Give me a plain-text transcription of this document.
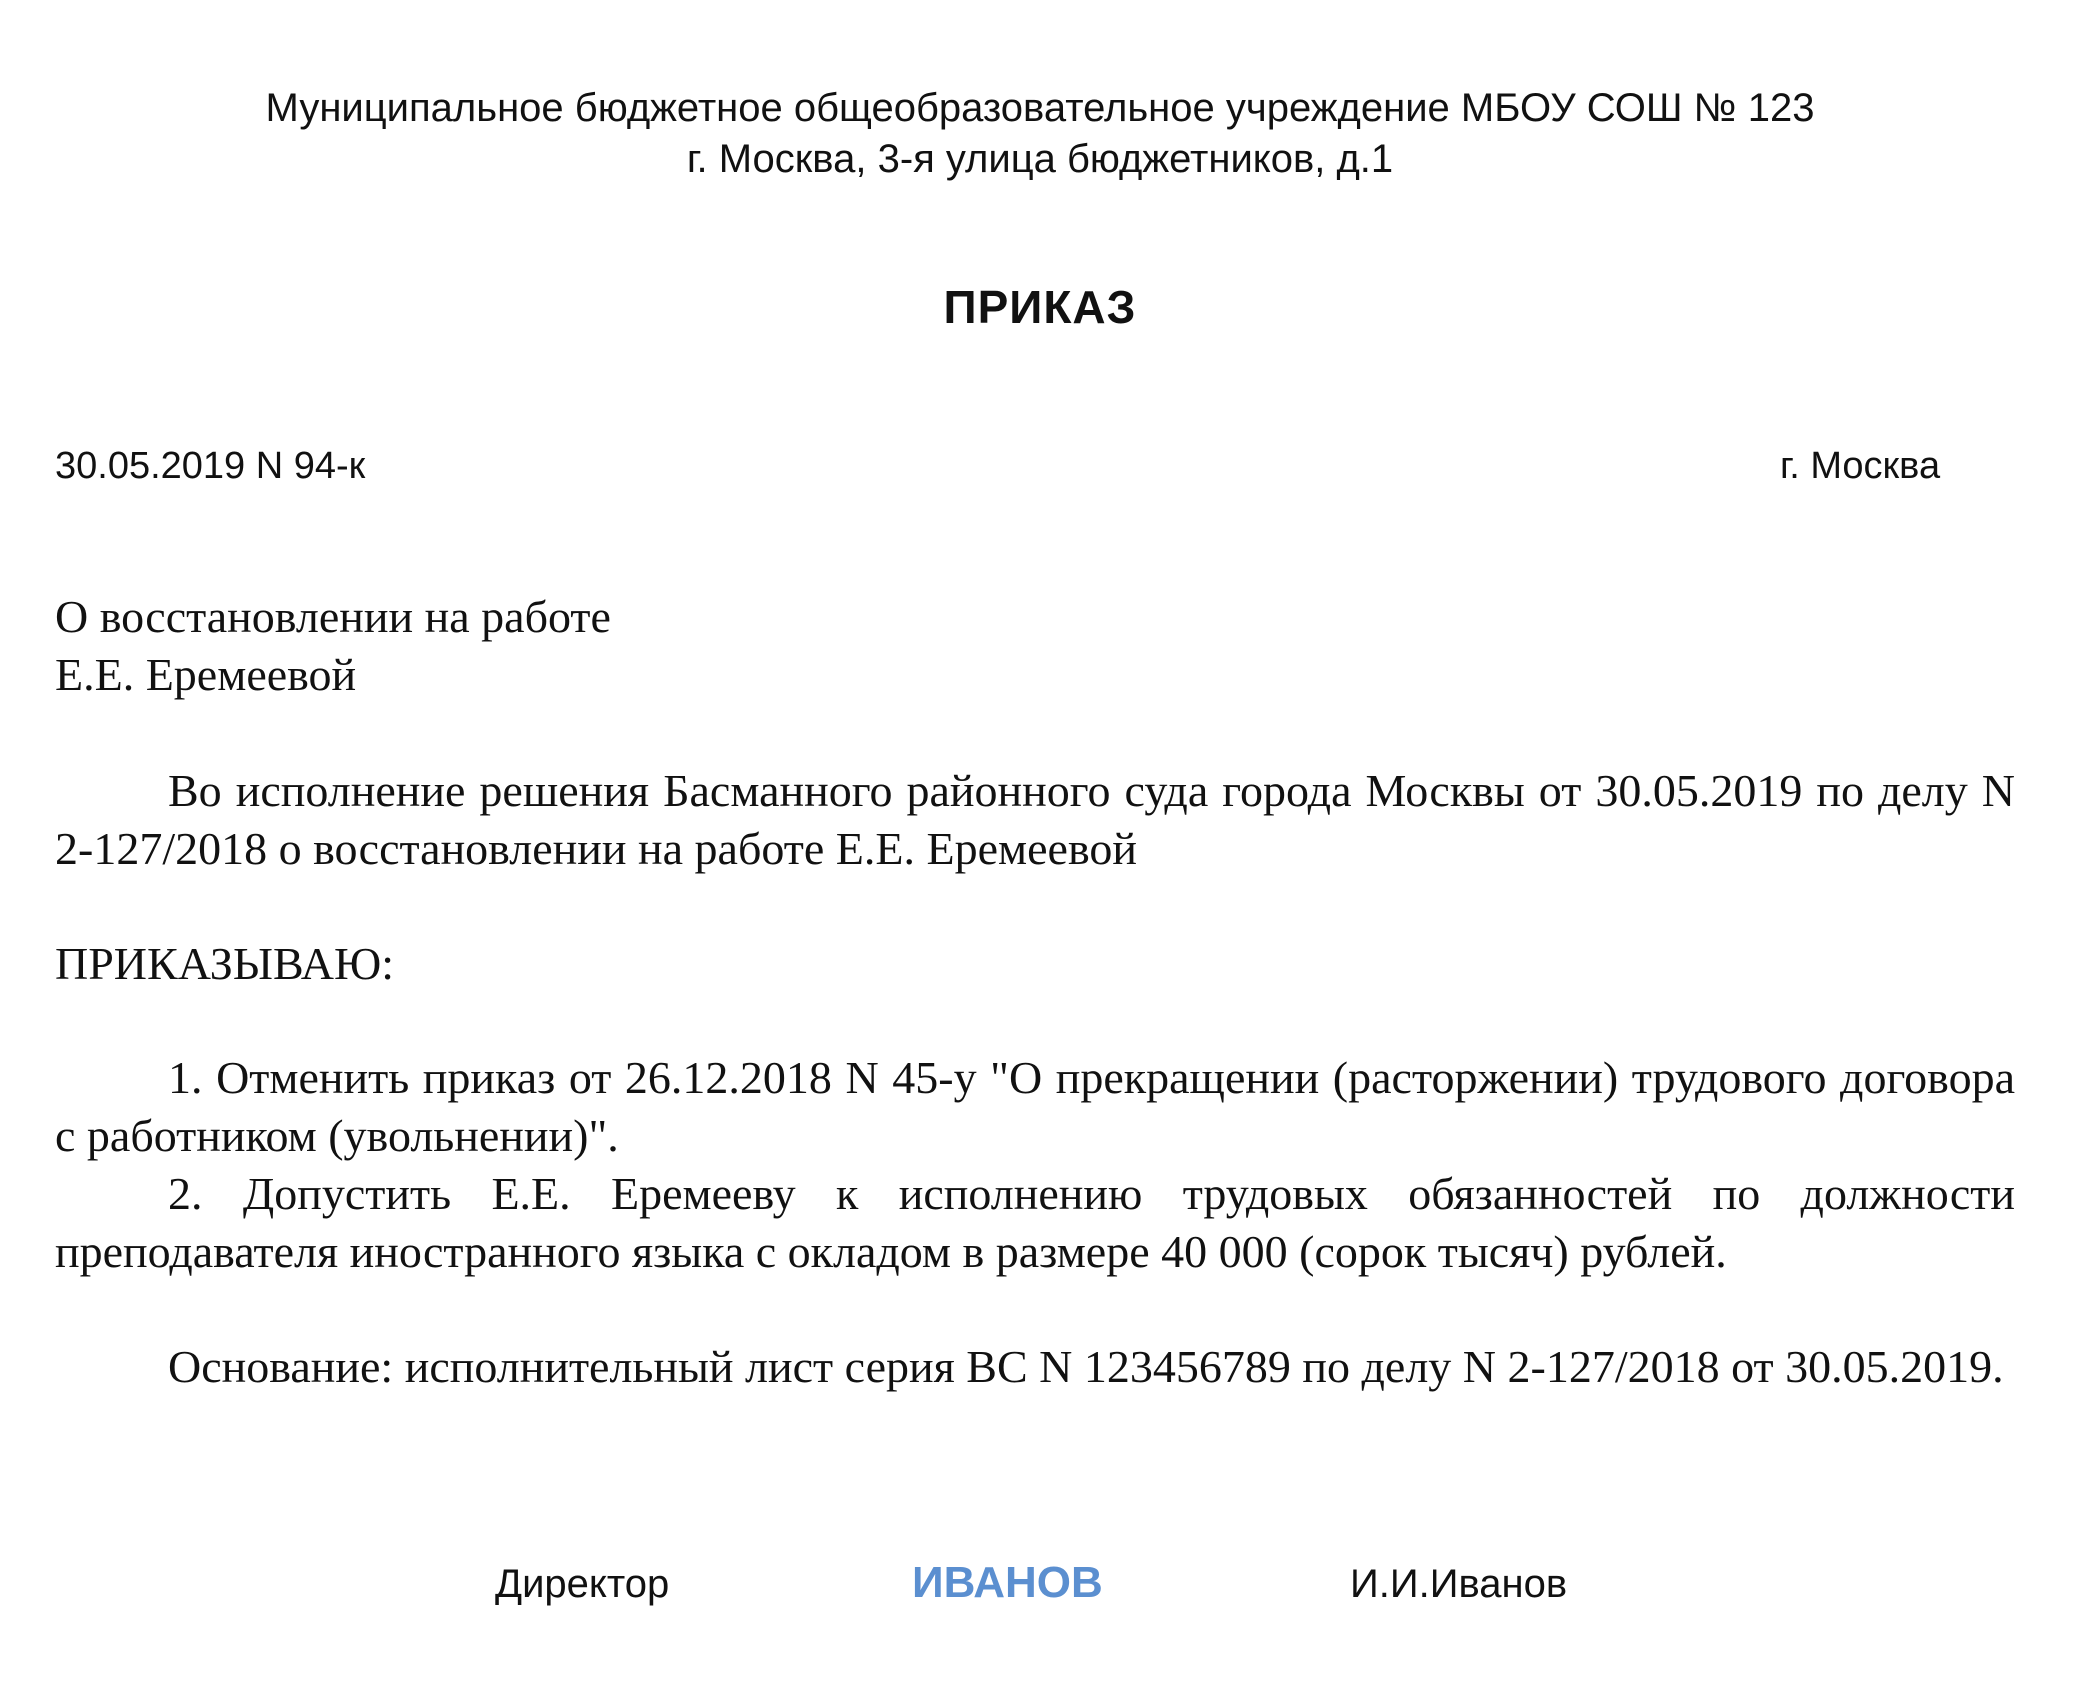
Муниципальное бюджетное общеобразовательное учреждение МБОУ СОШ № 123
г. Москва, 3-я улица бюджетников, д.1
ПРИКАЗ
30.05.2019 N 94-к	г. Москва
О восстановлении на работе
Е.Е. Еремеевой
Во исполнение решения Басманного районного суда города Москвы от 30.05.2019 по делу N 2-127/2018 о восстановлении на работе Е.Е. Еремеевой
ПРИКАЗЫВАЮ:
1. Отменить приказ от 26.12.2018 N 45-у "О прекращении (расторжении) трудового договора с работником (увольнении)".
2. Допустить Е.Е. Еремееву к исполнению трудовых обязанностей по должности преподавателя иностранного языка с окладом в размере 40 000 (сорок тысяч) рублей.
Основание: исполнительный лист серия ВС N 123456789 по делу N 2-127/2018 от 30.05.2019.
Директор	ИВАНОВ	И.И.Иванов
